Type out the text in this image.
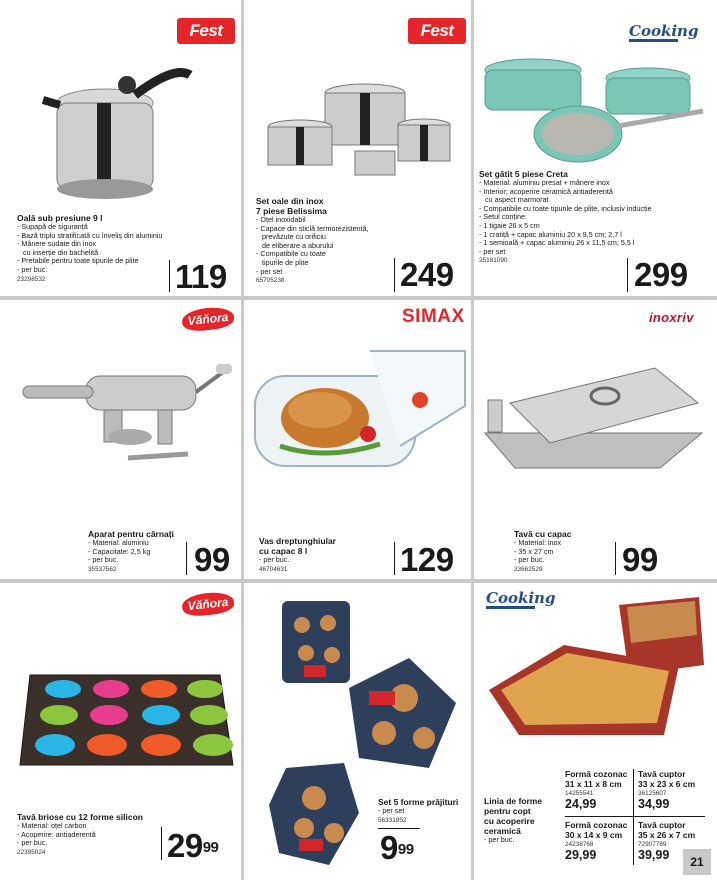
Fest
Oală sub presiune 9 l
- Supapă de siguranță
- Bază triplu stratificată cu înveliș din aluminiu
- Mânere sudate din inox
cu inserție din bachelită
- Pretabile pentru toate tipurile de plite
- per buc.
23298532	119
Fest
Set oale din inox
7 piese Belissima
- Oțel inoxidabil
- Capace din sticlă termorezistentă,
prevăzute cu orificiu
de eliberare a aburului
- Compatibile cu toate
tipurile de plite
- per set
65705238	249
Cooking
Set gătit 5 piese Creta
- Material: aluminiu presat + mânere inox
- Interior: acoperire ceramică antiaderentă
cu aspect marmorat
- Compatibile cu toate tipurile de plite, inclusiv inducție
- Setul conține:
- 1 tigaie 26 x 5 cm
- 1 cratiță + capac aluminiu 20 x 9,5 cm; 2,7 l
- 1 semioală + capac aluminiu 26 x 11,5 cm; 5,5 l
- per set
25181090	299
Văňora
Aparat pentru cârnați
- Material: aluminiu
- Capacitate: 2,5 kg
- per buc.
35537562	99
SIMAX
Vas dreptunghiular
cu capac 8 l
- per buc.
46704631	129
inoxriv
Tavă cu capac
- Material: inox
- 35 x 27 cm
- per buc.
33662529	99
Văňora
Tavă briose cu 12 forme silicon
- Material: oțel carbon
- Acoperire: antiaderentă
- per buc.
22395024	$29^{99}$
Set 5 forme prăjituri
- per set
56331952
$9^{99}$
Cooking
Linia de forme
pentru copt
cu acoperire
ceramică
- per buc.
Formă cozonac
31 x 11 x 8 cm
14255541
24,99
Tavă cuptor
33 x 23 x 6 cm
36125607
34,99
Formă cozonac
30 x 14 x 9 cm
24238768
29,99
Tavă cuptor
35 x 26 x 7 cm
72907769
39,99	21
